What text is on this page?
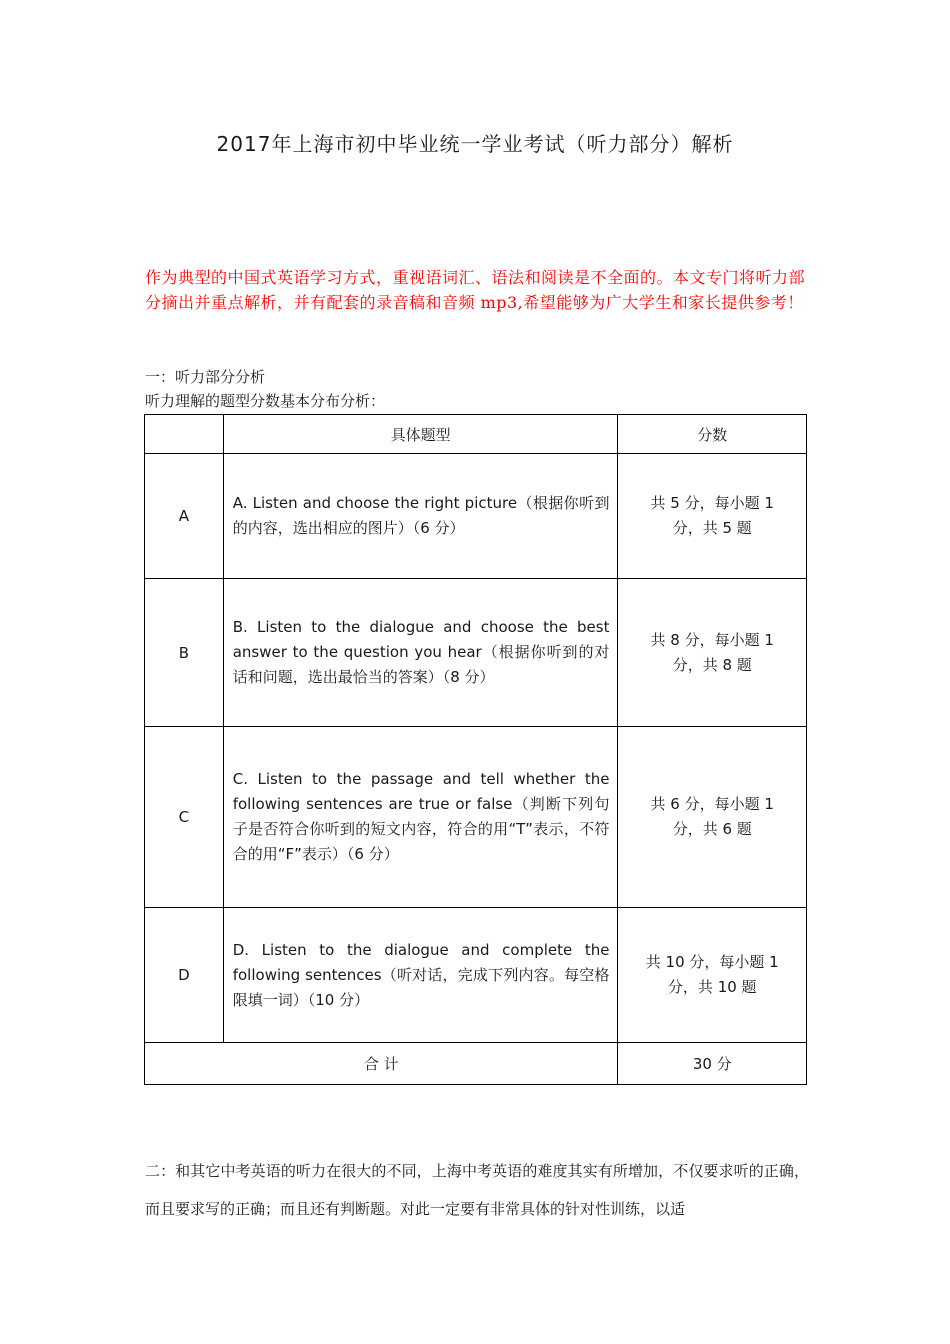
2017年上海市初中毕业统一学业考试（听力部分）解析
作为典型的中国式英语学习方式，重视语词汇、语法和阅读是不全面的。本文专门将听力部分摘出并重点解析，并有配套的录音稿和音频 mp3,希望能够为广大学生和家长提供参考！
一：听力部分分析
听力理解的题型分数基本分布分析：
	具体题型	分数
A	A. Listen and choose the right picture（根据你听到的内容，选出相应的图片）（6 分）	共 5 分，每小题 1 分，共 5 题

B	B. Listen to the dialogue and choose the best answer to the question you hear（根据你听到的对话和问题，选出最恰当的答案）（8 分）	共 8 分，每小题 1 分，共 8 题

C	C. Listen to the passage and tell whether the following sentences are true or false（判断下列句子是否符合你听到的短文内容，符合的用“T”表示，不符合的用“F”表示）（6 分）	共 6 分，每小题 1 分，共 6 题

D	D. Listen to the dialogue and complete the following sentences（听对话，完成下列内容。每空格限填一词）（10 分）	共 10 分，每小题 1 分，共 10 题

合 计		30 分
二：和其它中考英语的听力在很大的不同，上海中考英语的难度其实有所增加，不仅要求听的正确，而且要求写的正确；而且还有判断题。对此一定要有非常具体的针对性训练，以适
